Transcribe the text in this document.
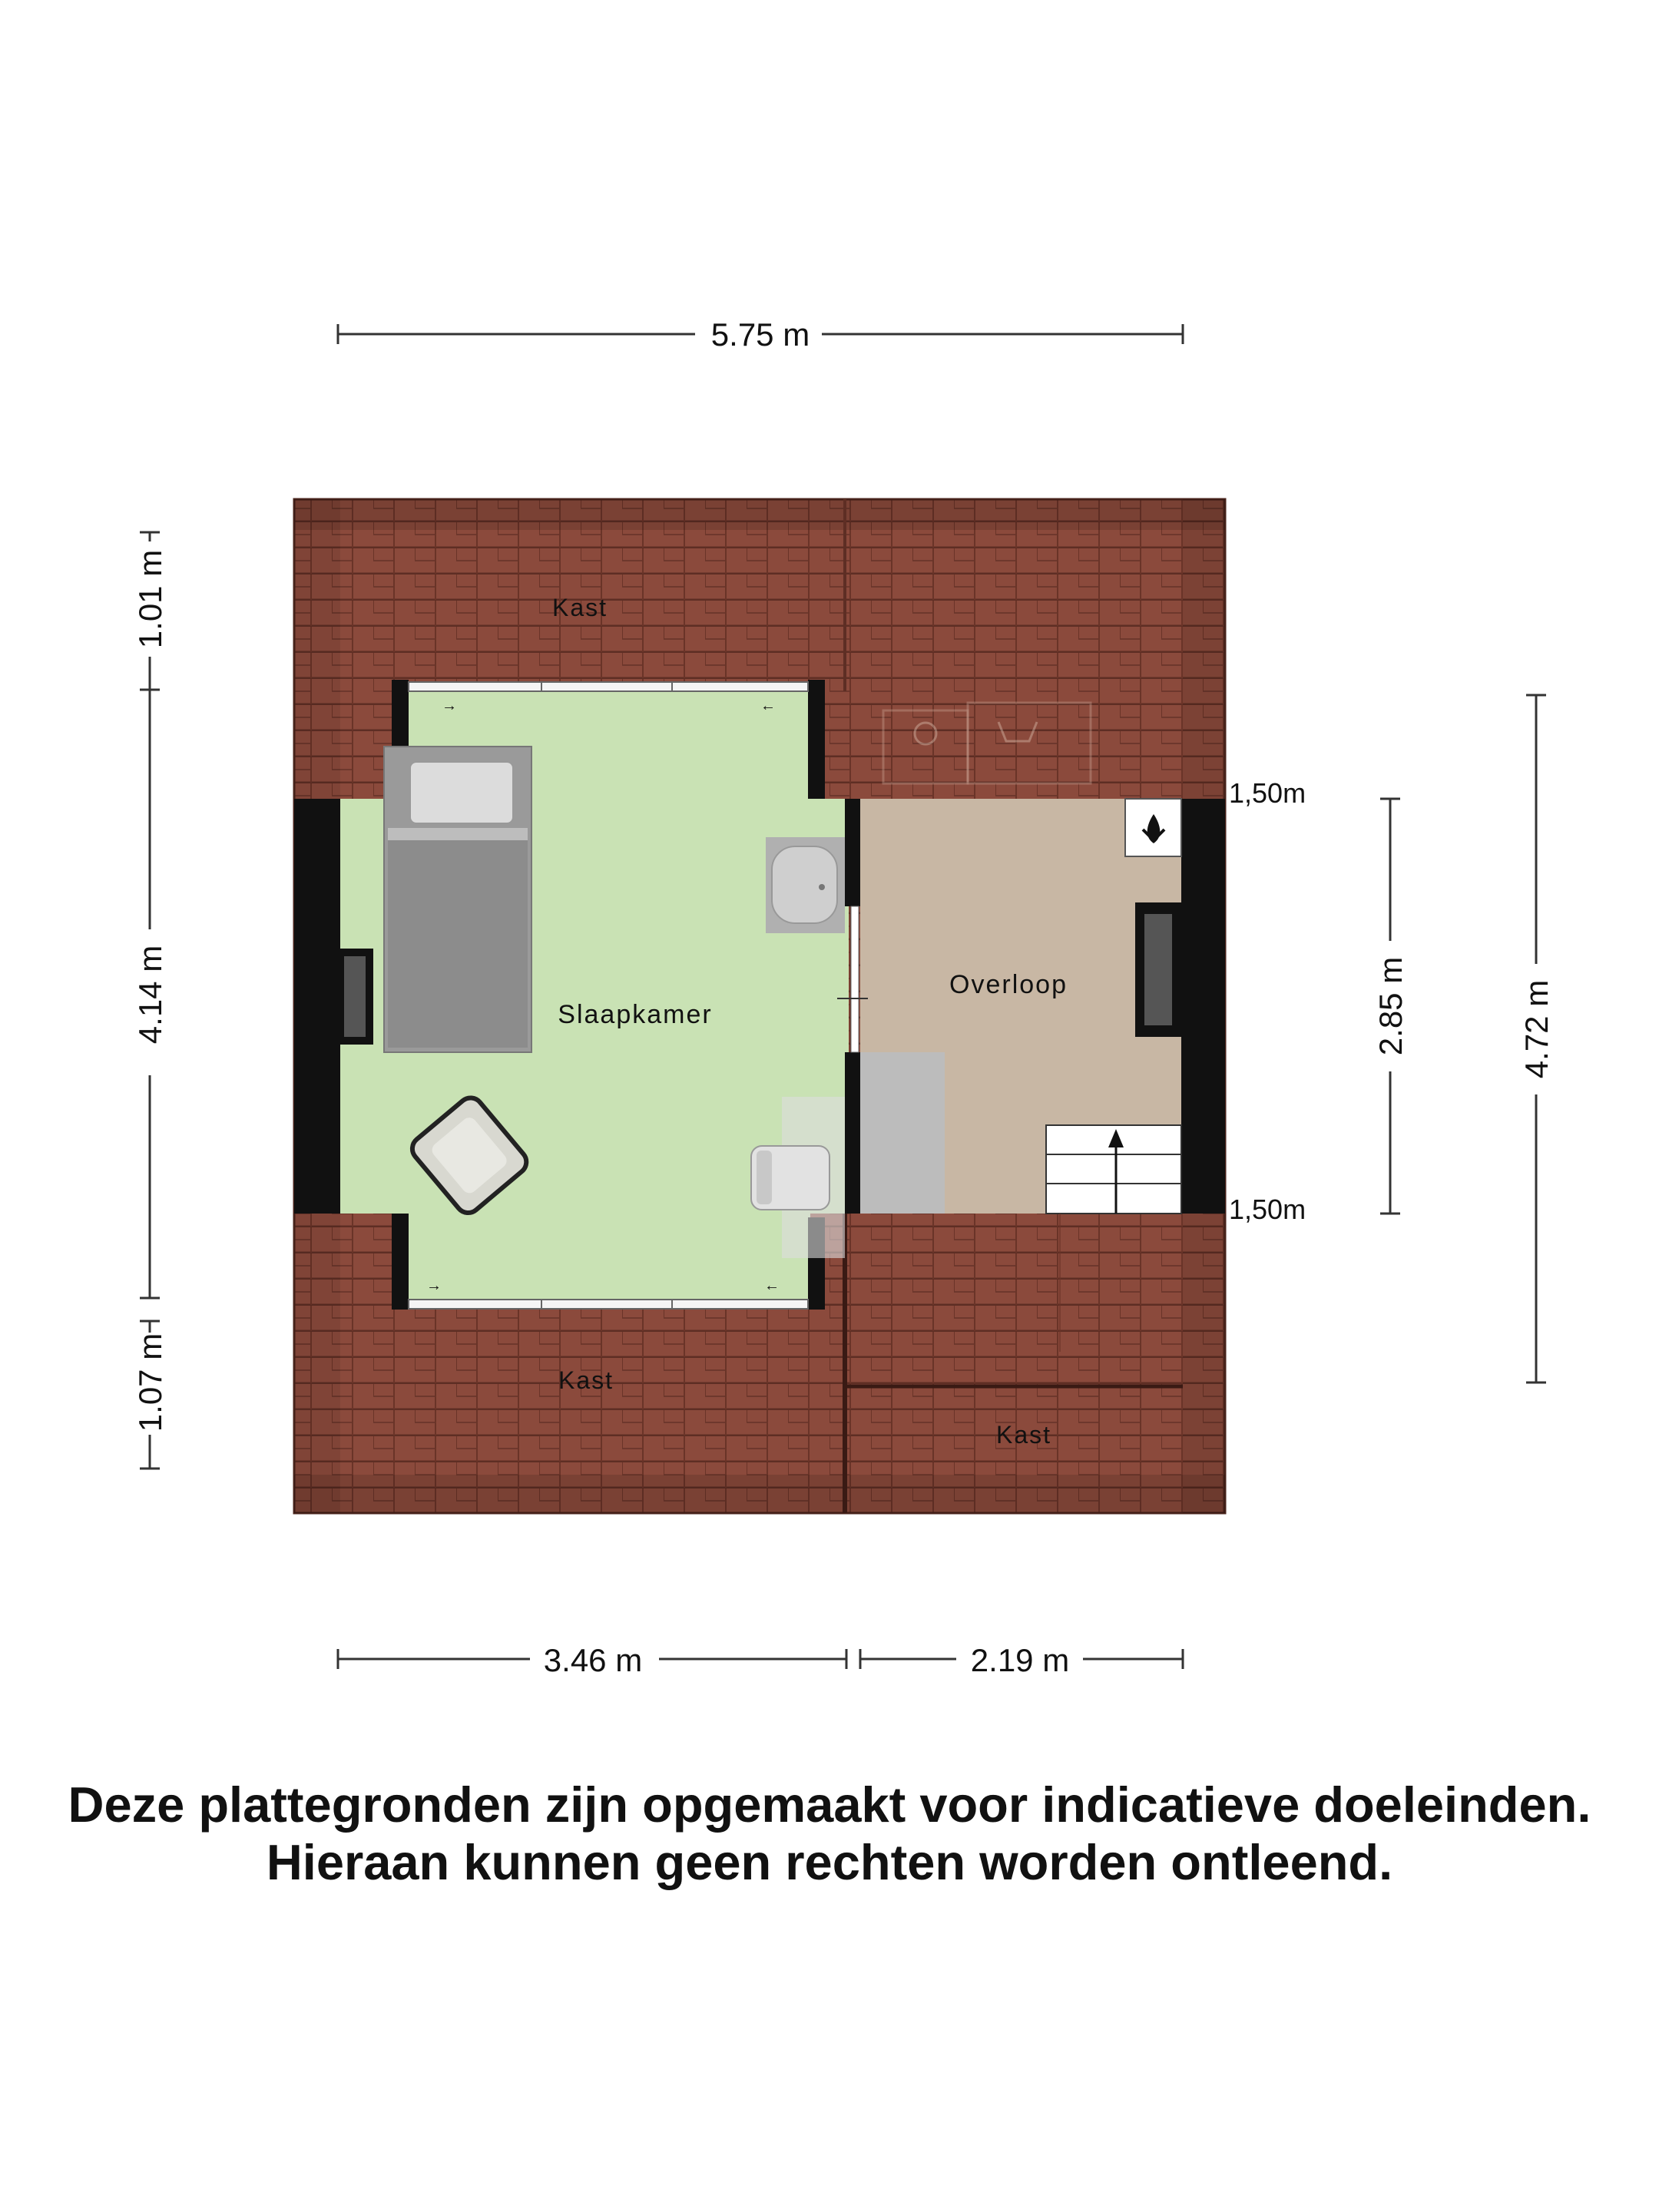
5.75 m
3.46 m	2.19 m
1.01 m
4.14 m
1.07 m
2.85 m	4.72 m
1,50m
1,50m
Kast
Kast
Kast
→	←
→	←
Slaapkamer
Overloop
Deze plattegronden zijn opgemaakt voor indicatieve doeleinden.
Hieraan kunnen geen rechten worden ontleend.
